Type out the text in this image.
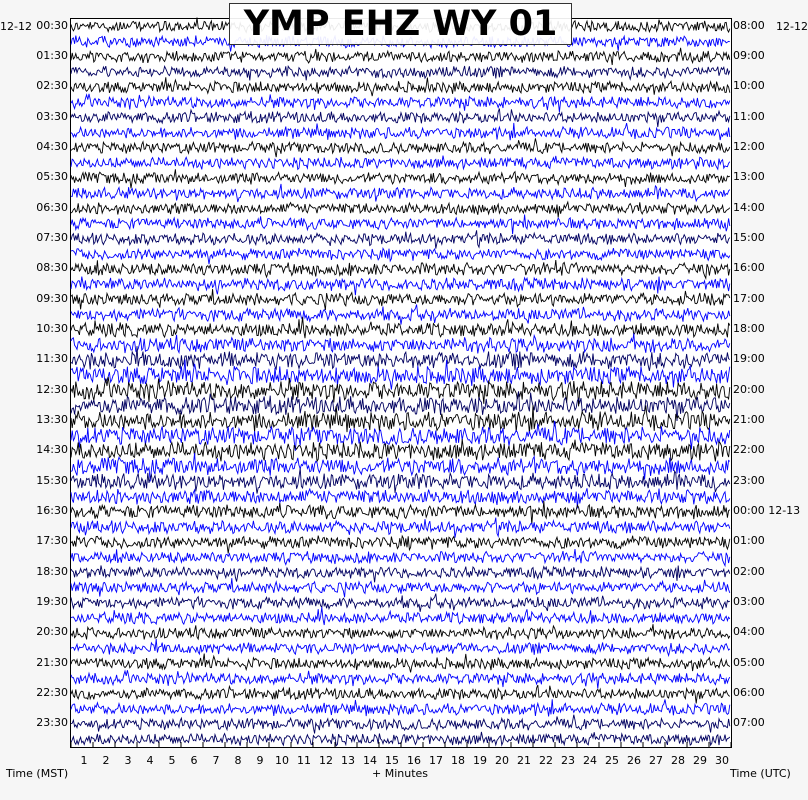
YMP EHZ WY 01
12-12	12-12
00:30
01:30
02:30
03:30
04:30
05:30
06:30
07:30
08:30
09:30
10:30
11:30
12:30
13:30
14:30
15:30
16:30
17:30
18:30
19:30
20:30
21:30
22:30
23:30
08:00
09:00
10:00
11:00
12:00
13:00
14:00
15:00
16:00
17:00
18:00
19:00
20:00
21:00
22:00
23:00
00:00 12-13
01:00
02:00
03:00
04:00
05:00
06:00
07:00
1	2	3	4	5	6	7	8	9	10 11 12 13 14 15 16 17 18 19 20 21 22 23 24 25 26 27 28 29 30
Time (MST)	+ Minutes	Time (UTC)
